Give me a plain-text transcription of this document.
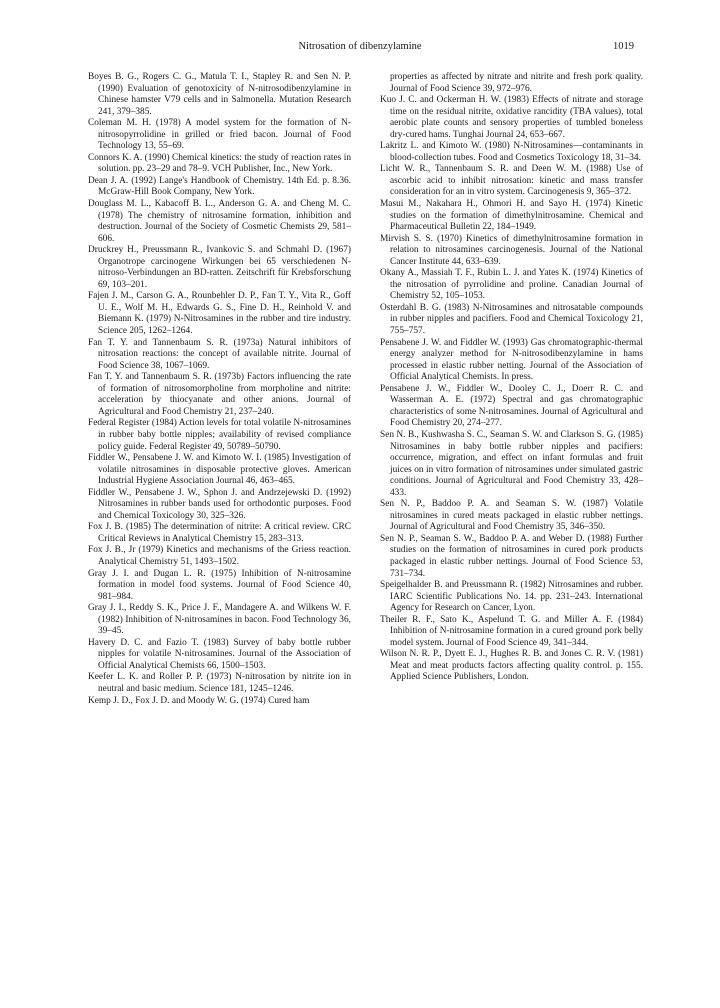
Nitrosation of dibenzylamine	1019

Boyes B. G., Rogers C. G., Matula T. I., Stapley R. and Sen N. P. (1990) Evaluation of genotoxicity of N-nitrosodibenzylamine in Chinese hamster V79 cells and in Salmonella. Mutation Research 241, 379–385.

Coleman M. H. (1978) A model system for the formation of N-nitrosopyrrolidine in grilled or fried bacon. Journal of Food Technology 13, 55–69.

Connors K. A. (1990) Chemical kinetics: the study of reaction rates in solution. pp. 23–29 and 78–9. VCH Publisher, Inc., New York.

Dean J. A. (1992) Lange's Handbook of Chemistry. 14th Ed. p. 8.36. McGraw-Hill Book Company, New York.

Douglass M. L., Kabacoff B. L., Anderson G. A. and Cheng M. C. (1978) The chemistry of nitrosamine formation, inhibition and destruction. Journal of the Society of Cosmetic Chemists 29, 581–606.

Druckrey H., Preussmann R., Ivankovic S. and Schmahl D. (1967) Organotrope carcinogene Wirkungen bei 65 verschiedenen N-nitroso-Verbindungen an BD-ratten. Zeitschrift für Krebsforschung 69, 103–201.

Fajen J. M., Carson G. A., Rounbehler D. P., Fan T. Y., Vita R., Goff U. E., Wolf M. H., Edwards G. S., Fine D. H., Reinhold V. and Biemann K. (1979) N-Nitrosamines in the rubber and tire industry. Science 205, 1262–1264.

Fan T. Y. and Tannenbaum S. R. (1973a) Natural inhibitors of nitrosation reactions: the concept of available nitrite. Journal of Food Science 38, 1067–1069.

Fan T. Y. and Tannenbaum S. R. (1973b) Factors influencing the rate of formation of nitrosomorpholine from morpholine and nitrite: acceleration by thiocyanate and other anions. Journal of Agricultural and Food Chemistry 21, 237–240.

Federal Register (1984) Action levels for total volatile N-nitrosamines in rubber baby bottle nipples; availability of revised compliance policy guide. Federal Register 49, 50789–50790.

Fiddler W., Pensabene J. W. and Kimoto W. I. (1985) Investigation of volatile nitrosamines in disposable protective gloves. American Industrial Hygiene Association Journal 46, 463–465.

Fiddler W., Pensabene J. W., Sphon J. and Andrzejewski D. (1992) Nitrosamines in rubber bands used for orthodontic purposes. Food and Chemical Toxicology 30, 325–326.

Fox J. B. (1985) The determination of nitrite: A critical review. CRC Critical Reviews in Analytical Chemistry 15, 283–313.

Fox J. B., Jr (1979) Kinetics and mechanisms of the Griess reaction. Analytical Chemistry 51, 1493–1502.

Gray J. I. and Dugan L. R. (1975) Inhibition of N-nitrosamine formation in model food systems. Journal of Food Science 40, 981–984.

Gray J. I., Reddy S. K., Price J. F., Mandagere A. and Wilkens W. F. (1982) Inhibition of N-nitrosamines in bacon. Food Technology 36, 39–45.

Havery D. C. and Fazio T. (1983) Survey of baby bottle rubber nipples for volatile N-nitrosamines. Journal of the Association of Official Analytical Chemists 66, 1500–1503.

Keefer L. K. and Roller P. P. (1973) N-nitrosation by nitrite ion in neutral and basic medium. Science 181, 1245–1246.

Kemp J. D., Fox J. D. and Moody W. G. (1974) Cured ham

properties as affected by nitrate and nitrite and fresh pork quality. Journal of Food Science 39, 972–976.

Kuo J. C. and Ockerman H. W. (1983) Effects of nitrate and storage time on the residual nitrite, oxidative rancidity (TBA values), total aerobic plate counts and sensory properties of tumbled boneless dry-cured hams. Tunghai Journal 24, 653–667.

Lakritz L. and Kimoto W. (1980) N-Nitrosamines—contaminants in blood-collection tubes. Food and Cosmetics Toxicology 18, 31–34.

Licht W. R., Tannenbaum S. R. and Deen W. M. (1988) Use of ascorbic acid to inhibit nitrosation: kinetic and mass transfer consideration for an in vitro system. Carcinogenesis 9, 365–372.

Masui M., Nakahara H., Ohmori H. and Sayo H. (1974) Kinetic studies on the formation of dimethylnitrosamine. Chemical and Pharmaceutical Bulletin 22, 184–1949.

Mirvish S. S. (1970) Kinetics of dimethylnitrosamine formation in relation to nitrosamines carcinogenesis. Journal of the National Cancer Institute 44, 633–639.

Okany A., Massiah T. F., Rubin L. J. and Yates K. (1974) Kinetics of the nitrosation of pyrrolidine and proline. Canadian Journal of Chemistry 52, 105–1053.

Osterdahl B. G. (1983) N-Nitrosamines and nitrosatable compounds in rubber nipples and pacifiers. Food and Chemical Toxicology 21, 755–757.

Pensabene J. W. and Fiddler W. (1993) Gas chromatographic-thermal energy analyzer method for N-nitrosodibenzylamine in hams processed in elastic rubber netting. Journal of the Association of Official Analytical Chemists. In press.

Pensabene J. W., Fiddler W., Dooley C. J., Doerr R. C. and Wasserman A. E. (1972) Spectral and gas chromatographic characteristics of some N-nitrosamines. Journal of Agricultural and Food Chemistry 20, 274–277.

Sen N. B., Kushwasha S. C., Seaman S. W. and Clarkson S. G. (1985) Nitrosamines in baby bottle rubber nipples and pacifiers: occurrence, migration, and effect on infant formulas and fruit juices on in vitro formation of nitrosamines under simulated gastric conditions. Journal of Agricultural and Food Chemistry 33, 428–433.

Sen N. P., Baddoo P. A. and Seaman S. W. (1987) Volatile nitrosamines in cured meats packaged in elastic rubber nettings. Journal of Agricultural and Food Chemistry 35, 346–350.

Sen N. P., Seaman S. W., Baddoo P. A. and Weber D. (1988) Further studies on the formation of nitrosamines in cured pork products packaged in elastic rubber nettings. Journal of Food Science 53, 731–734.

Speigelhalder B. and Preussmann R. (1982) Nitrosamines and rubber. IARC Scientific Publications No. 14. pp. 231–243. International Agency for Research on Cancer, Lyon.

Theiler R. F., Sato K., Aspelund T. G. and Miller A. F. (1984) Inhibition of N-nitrosamine formation in a cured ground pork belly model system. Journal of Food Science 49, 341–344.

Wilson N. R. P., Dyett E. J., Hughes R. B. and Jones C. R. V. (1981) Meat and meat products factors affecting quality control. p. 155. Applied Science Publishers, London.
